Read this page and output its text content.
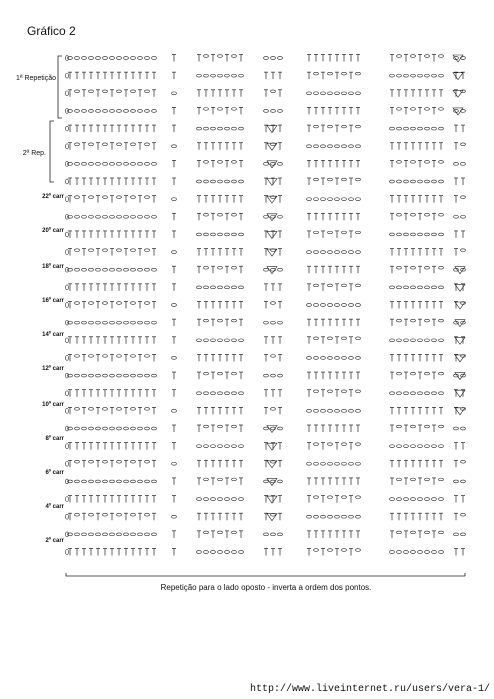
Gráfico 2
1ª Repetição
2ª Rep.
22º carr
20º carr
18º carr
16º carr
14º carr
12º carr
10º carr
8º carr
6º carr
4º carr
2º carr
Repetição para o lado oposto - inverta a ordem dos pontos.
http://www.liveinternet.ru/users/vera-1/
